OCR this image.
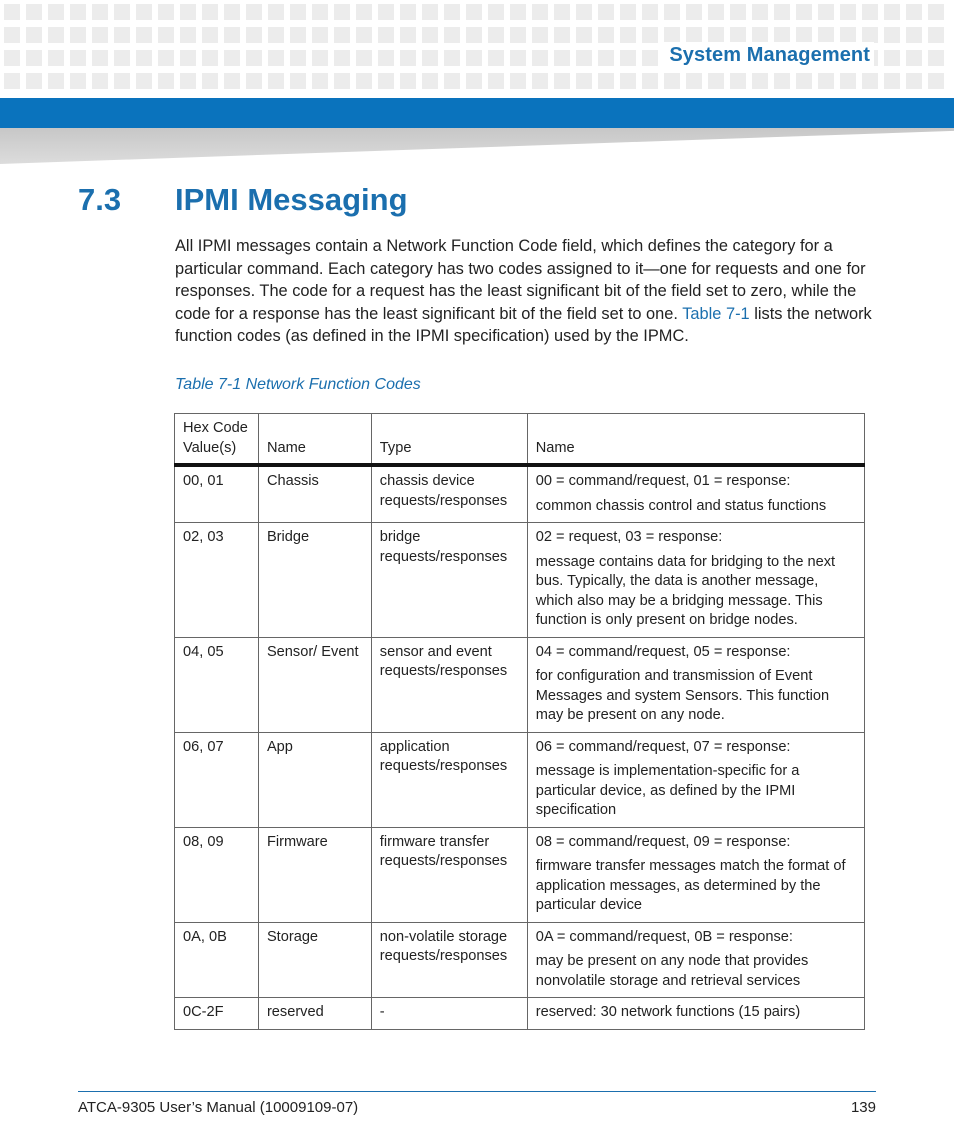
System Management
7.3 IPMI Messaging

All IPMI messages contain a Network Function Code field, which defines the category for a particular command. Each category has two codes assigned to it—one for requests and one for responses. The code for a request has the least significant bit of the field set to zero, while the code for a response has the least significant bit of the field set to one. Table 7-1 lists the network function codes (as defined in the IPMI specification) used by the IPMC.

Table 7-1 Network Function Codes
Hex Code Value(s)	Name	Type	Name
00, 01	Chassis	chassis device requests/responses	00 = command/request, 01 = response:
common chassis control and status functions

02, 03	Bridge	bridge requests/responses	02 = request, 03 = response:
message contains data for bridging to the next bus. Typically, the data is another message, which also may be a bridging message. This function is only present on bridge nodes.

04, 05	Sensor/ Event	sensor and event requests/responses	04 = command/request, 05 = response:
for configuration and transmission of Event Messages and system Sensors. This function may be present on any node.

06, 07	App	application requests/responses	06 = command/request, 07 = response:
message is implementation-specific for a particular device, as defined by the IPMI specification

08, 09	Firmware	firmware transfer requests/responses	08 = command/request, 09 = response:
firmware transfer messages match the format of application messages, as determined by the particular device

0A, 0B	Storage	non-volatile storage requests/responses	0A = command/request, 0B = response:
may be present on any node that provides nonvolatile storage and retrieval services

0C-2F	reserved	-	reserved: 30 network functions (15 pairs)
ATCA-9305 User’s Manual (10009109-07)	139
